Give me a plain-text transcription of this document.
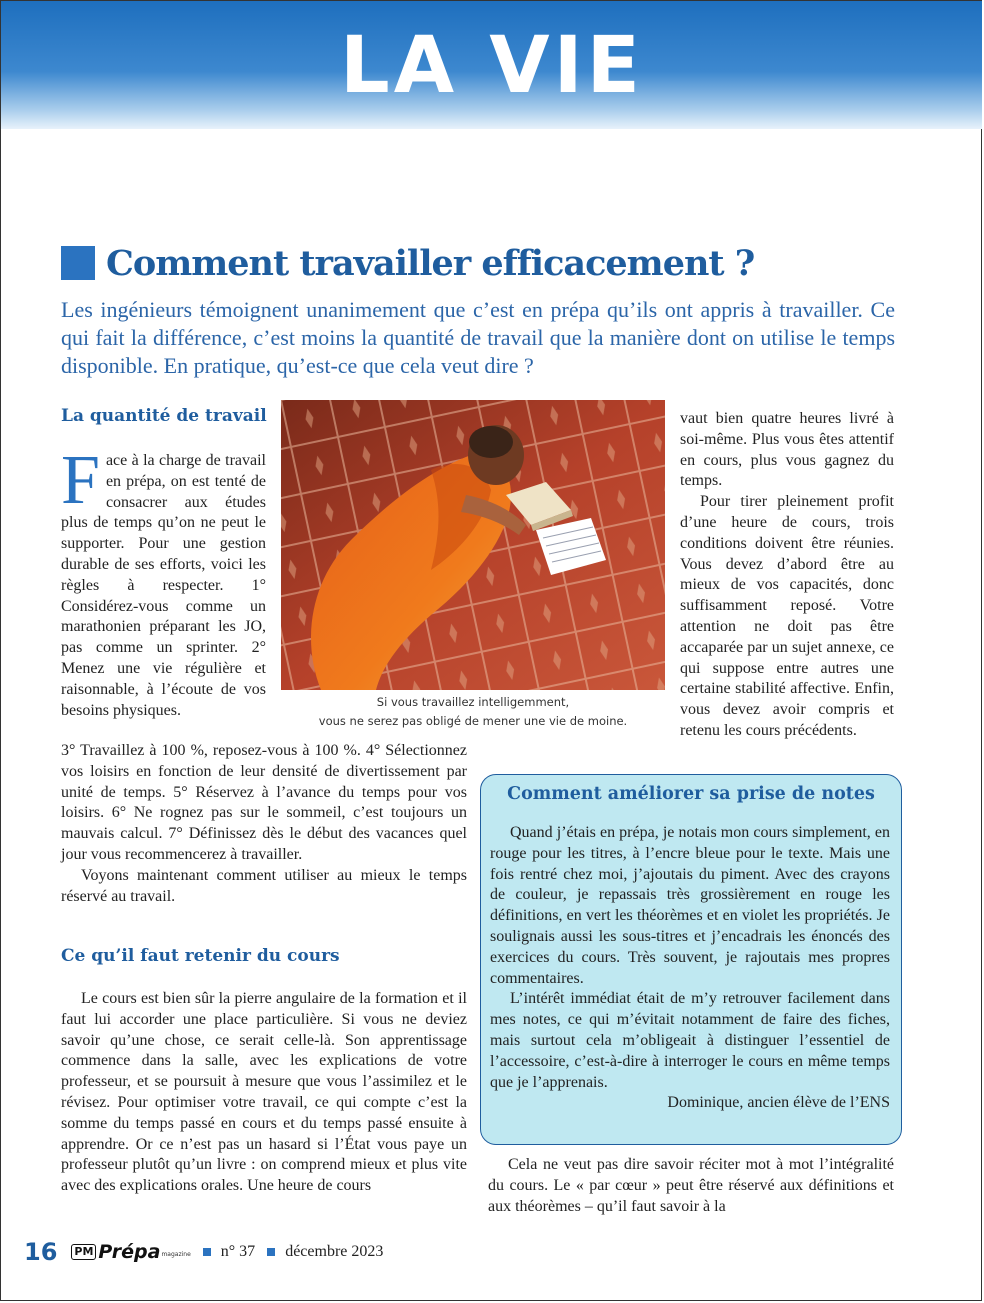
LA VIE
Comment travailler efficacement ?
Les ingénieurs témoignent unanimement que c’est en prépa qu’ils ont appris à travailler. Ce qui fait la différence, c’est moins la quantité de travail que la manière dont on utilise le temps disponible. En pratique, qu’est-ce que cela veut dire ?
La quantité de travail

F ace à la charge de travail en prépa, on est tenté de consacrer aux études plus de temps qu’on ne peut le supporter. Pour une gestion durable de ses efforts, voici les règles à respecter. 1° Considérez-vous comme un marathonien préparant les JO, pas comme un sprinter. 2° Menez une vie régulière et raisonnable, à l’écoute de vos besoins physiques.

3° Travaillez à 100 %, reposez-vous à 100 %. 4° Sélectionnez vos loisirs en fonction de leur densité de divertissement par unité de temps. 5° Réservez à l’avance du temps pour vos loisirs. 6° Ne rognez pas sur le sommeil, c’est toujours un mauvais calcul. 7° Définissez dès le début des vacances quel jour vous recommencerez à travailler.

Voyons maintenant comment utiliser au mieux le temps réservé au travail.

Ce qu’il faut retenir du cours

Le cours est bien sûr la pierre angulaire de la formation et il faut lui accorder une place particulière. Si vous ne deviez savoir qu’une chose, ce serait celle-là. Son apprentissage commence dans la salle, avec les explications de votre professeur, et se poursuit à mesure que vous l’assimilez et le révisez. Pour optimiser votre travail, ce qui compte c’est la somme du temps passé en cours et du temps passé ensuite à apprendre. Or ce n’est pas un hasard si l’État vous paye un professeur plutôt qu’un livre : on comprend mieux et plus vite avec des explications orales. Une heure de cours

Si vous travaillez intelligemment,
vous ne serez pas obligé de mener une vie de moine.

vaut bien quatre heures livré à soi-même. Plus vous êtes attentif en cours, plus vous gagnez du temps.

Pour tirer pleinement profit d’une heure de cours, trois conditions doivent être réunies. Vous devez d’abord être au mieux de vos capacités, donc suffisamment reposé. Votre attention ne doit pas être accaparée par un sujet annexe, ce qui suppose entre autres une certaine stabilité affective. Enfin, vous devez avoir compris et retenu les cours précédents.

Comment améliorer sa prise de notes

Quand j’étais en prépa, je notais mon cours simplement, en rouge pour les titres, à l’encre bleue pour le texte. Mais une fois rentré chez moi, j’ajoutais du piment. Avec des crayons de couleur, je repassais très grossièrement en rouge les définitions, en vert les théorèmes et en violet les propriétés. Je soulignais aussi les sous-titres et j’encadrais les énoncés des exercices du cours. Très souvent, je rajoutais mes propres commentaires.

L’intérêt immédiat était de m’y retrouver facilement dans mes notes, ce qui m’évitait notamment de faire des fiches, mais surtout cela m’obligeait à distinguer l’essentiel de l’accessoire, c’est-à-dire à interroger le cours en même temps que je l’apprenais.

Dominique, ancien élève de l’ENS

Cela ne veut pas dire savoir réciter mot à mot l’intégralité du cours. Le « par cœur » peut être réservé aux définitions et aux théorèmes – qu’il faut savoir à la

16 PM Prépa magazine n° 37 décembre 2023
